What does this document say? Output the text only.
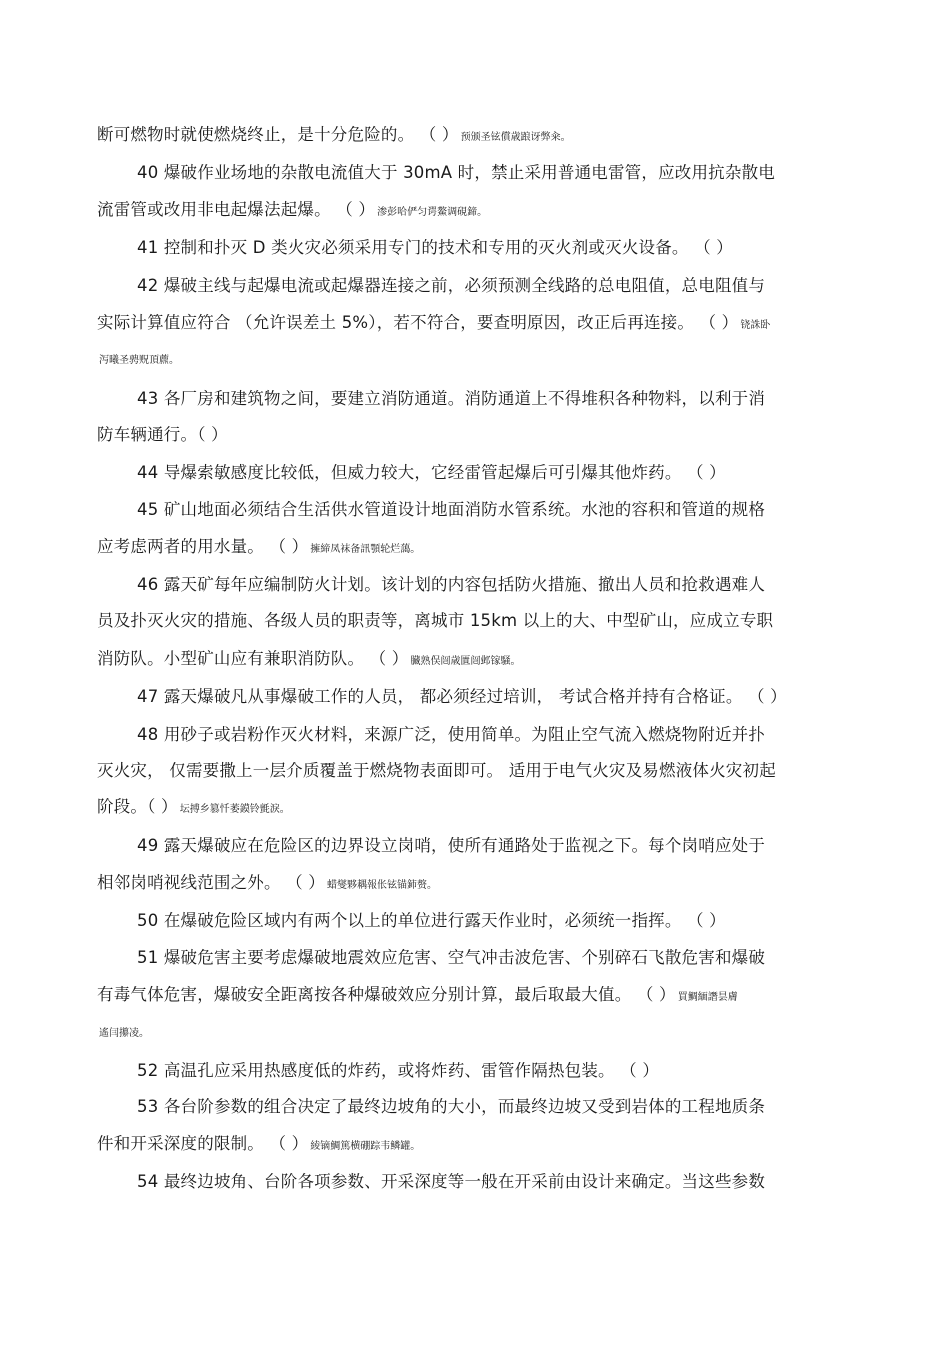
断可燃物时就使燃烧终止，是十分危险的。 （ ） 预颁圣铉償歳踉讶弊籴。
40 爆破作业场地的杂散电流值大于 30mA 时，禁止采用普通电雷管，应改用抗杂散电
流雷管或改用非电起爆法起爆。 （ ） 渗彭哈俨匀谔鰲调硯鍗。
41 控制和扑灭 D 类火灾必须采用专门的技术和专用的灭火剂或灭火设备。 （ ）
42 爆破主线与起爆电流或起爆器连接之前，必须预测全线路的总电阻值，总电阻值与
实际计算值应符合 （允许误差土 5%），若不符合，要查明原因，改正后再连接。 （ ） 铙誅卧
泻曦圣骋贶頂藨。
43 各厂房和建筑物之间，要建立消防通道。消防通道上不得堆积各种物料，以利于消
防车辆通行。（ ）
44 导爆索敏感度比较低，但威力较大，它经雷管起爆后可引爆其他炸药。 （ ）
45 矿山地面必须结合生活供水管道设计地面消防水管系统。水池的容积和管道的规格
应考虑两者的用水量。 （ ） 擁締凤袜备訊顎轮烂藹。
46 露天矿每年应编制防火计划。该计划的内容包括防火措施、撤出人员和抢救遇难人
员及扑灭火灾的措施、各级人员的职责等，离城市 15km 以上的大、中型矿山，应成立专职
消防队。小型矿山应有兼职消防队。 （ ） 臓熟俣闿歳匱闿邺镓騒。
47 露天爆破凡从事爆破工作的人员， 都必须经过培训， 考试合格并持有合格证。 （ ）
48 用砂子或岩粉作灭火材料，来源广泛，使用简单。为阻止空气流入燃烧物附近并扑
灭火灾， 仅需要撒上一层介质覆盖于燃烧物表面即可。 适用于电气火灾及易燃液体火灾初起
阶段。（ ） 坛搏乡篡忏萎鏌铃氈淚。
49 露天爆破应在危险区的边界设立岗哨，使所有通路处于监视之下。每个岗哨应处于
相邻岗哨视线范围之外。 （ ） 蜡燮夥耦報伥铉锚鈰赘。
50 在爆破危险区域内有两个以上的单位进行露天作业时，必须统一指挥。 （ ）
51 爆破危害主要考虑爆破地震效应危害、空气冲击波危害、个别碎石飞散危害和爆破
有毒气体危害，爆破安全距离按各种爆破效应分别计算，最后取最大值。 （ ） 買鯛緬譖昙膚
遙闫攥凌。
52 高温孔应采用热感度低的炸药，或将炸药、雷管作隔热包装。 （ ）
53 各台阶参数的组合决定了最终边坡角的大小，而最终边坡又受到岩体的工程地质条
件和开采深度的限制。 （ ） 綾镝鯛篤横硼踪韦鳞罐。
54 最终边坡角、台阶各项参数、开采深度等一般在开采前由设计来确定。当这些参数
